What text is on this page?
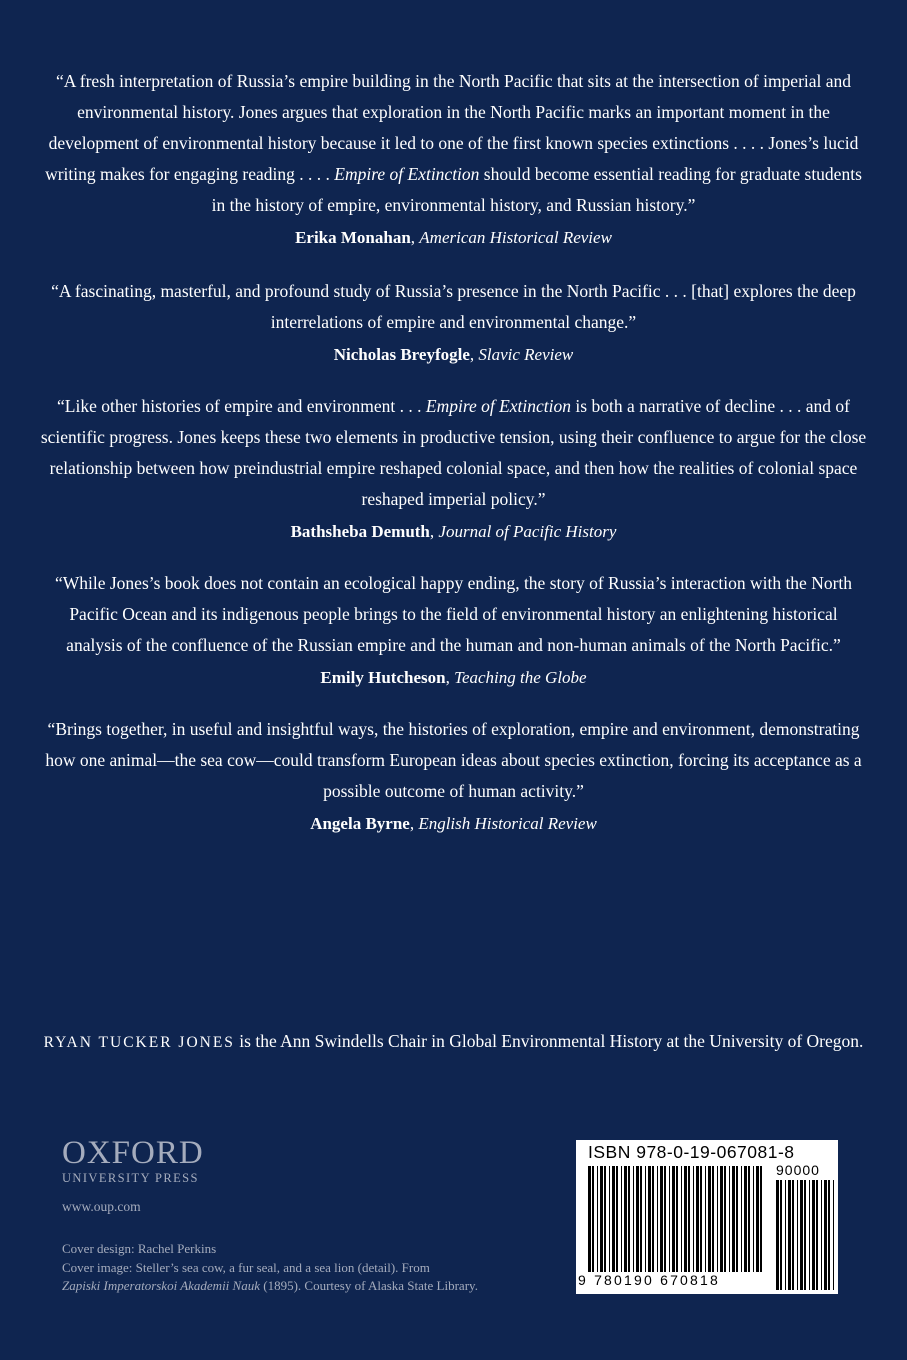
“A fresh interpretation of Russia’s empire building in the North Pacific that sits at the intersection of imperial and environmental history. Jones argues that exploration in the North Pacific marks an important moment in the development of environmental history because it led to one of the first known species extinctions . . . . Jones’s lucid writing makes for engaging reading . . . . Empire of Extinction should become essential reading for graduate students in the history of empire, environmental history, and Russian history.”

Erika Monahan, American Historical Review

“A fascinating, masterful, and profound study of Russia’s presence in the North Pacific . . . [that] explores the deep interrelations of empire and environmental change.”

Nicholas Breyfogle, Slavic Review

“Like other histories of empire and environment . . . Empire of Extinction is both a narrative of decline . . . and of scientific progress. Jones keeps these two elements in productive tension, using their confluence to argue for the close relationship between how preindustrial empire reshaped colonial space, and then how the realities of colonial space reshaped imperial policy.”

Bathsheba Demuth, Journal of Pacific History

“While Jones’s book does not contain an ecological happy ending, the story of Russia’s interaction with the North Pacific Ocean and its indigenous people brings to the field of environmental history an enlightening historical analysis of the confluence of the Russian empire and the human and non-human animals of the North Pacific.”

Emily Hutcheson, Teaching the Globe

“Brings together, in useful and insightful ways, the histories of exploration, empire and environment, demonstrating how one animal—the sea cow—could transform European ideas about species extinction, forcing its acceptance as a possible outcome of human activity.”

Angela Byrne, English Historical Review

RYAN TUCKER JONES is the Ann Swindells Chair in Global Environmental History at the University of Oregon.
OXFORD
UNIVERSITY PRESS
www.oup.com
Cover design: Rachel Perkins
Cover image: Steller’s sea cow, a fur seal, and a sea lion (detail). From
Zapiski Imperatorskoi Akademii Nauk (1895). Courtesy of Alaska State Library.
ISBN 978-0-19-067081-8
90000
9 780190 670818
